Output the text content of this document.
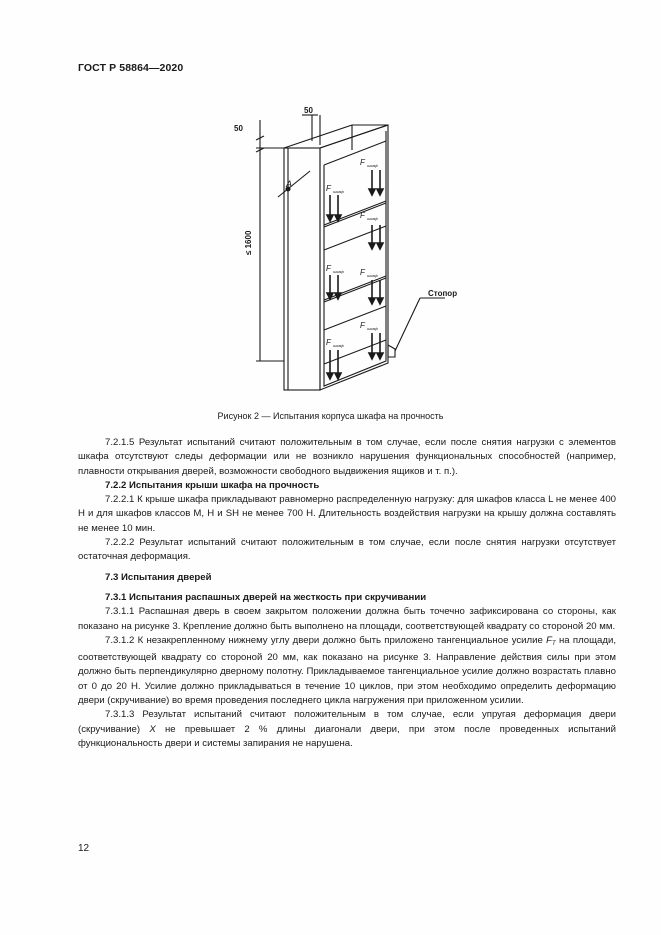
ГОСТ Р 58864—2020
50
50
A
≤ 1600
Стопор
F шкаф
F шкаф
F шкаф
F шкаф F шкаф
F шкаф
F шкаф
Рисунок 2 — Испытания корпуса шкафа на прочность

7.2.1.5 Результат испытаний считают положительным в том случае, если после снятия нагрузки с элементов шкафа отсутствуют следы деформации или не возникло нарушения функциональных способностей (например, плавности открывания дверей, возможности свободного выдвижения ящиков и т. п.).

7.2.2 Испытания крыши шкафа на прочность

7.2.2.1 К крыше шкафа прикладывают равномерно распределенную нагрузку: для шкафов класса L не менее 400 Н и для шкафов классов М, Н и SH не менее 700 Н. Длительность воздействия нагрузки на крышу должна составлять не менее 10 мин.

7.2.2.2 Результат испытаний считают положительным в том случае, если после снятия нагрузки отсутствует остаточная деформация.

7.3 Испытания дверей

7.3.1 Испытания распашных дверей на жесткость при скручивании

7.3.1.1 Распашная дверь в своем закрытом положении должна быть точечно зафиксирована со стороны, как показано на рисунке 3. Крепление должно быть выполнено на площади, соответствующей квадрату со стороной 20 мм.

7.3.1.2 К незакрепленному нижнему углу двери должно быть приложено тангенциальное усилие $F_T$ на площади, соответствующей квадрату со стороной 20 мм, как показано на рисунке 3. Направление действия силы при этом должно быть перпендикулярно дверному полотну. Прикладываемое тангенциальное усилие должно возрастать плавно от 0 до 20 Н. Усилие должно прикладываться в течение 10 циклов, при этом необходимо определить деформацию двери (скручивание) во время проведения последнего цикла нагружения при приложенном усилии.

7.3.1.3 Результат испытаний считают положительным в том случае, если упругая деформация двери (скручивание) X не превышает 2 % длины диагонали двери, при этом после проведенных испытаний функциональность двери и системы запирания не нарушена.

12
